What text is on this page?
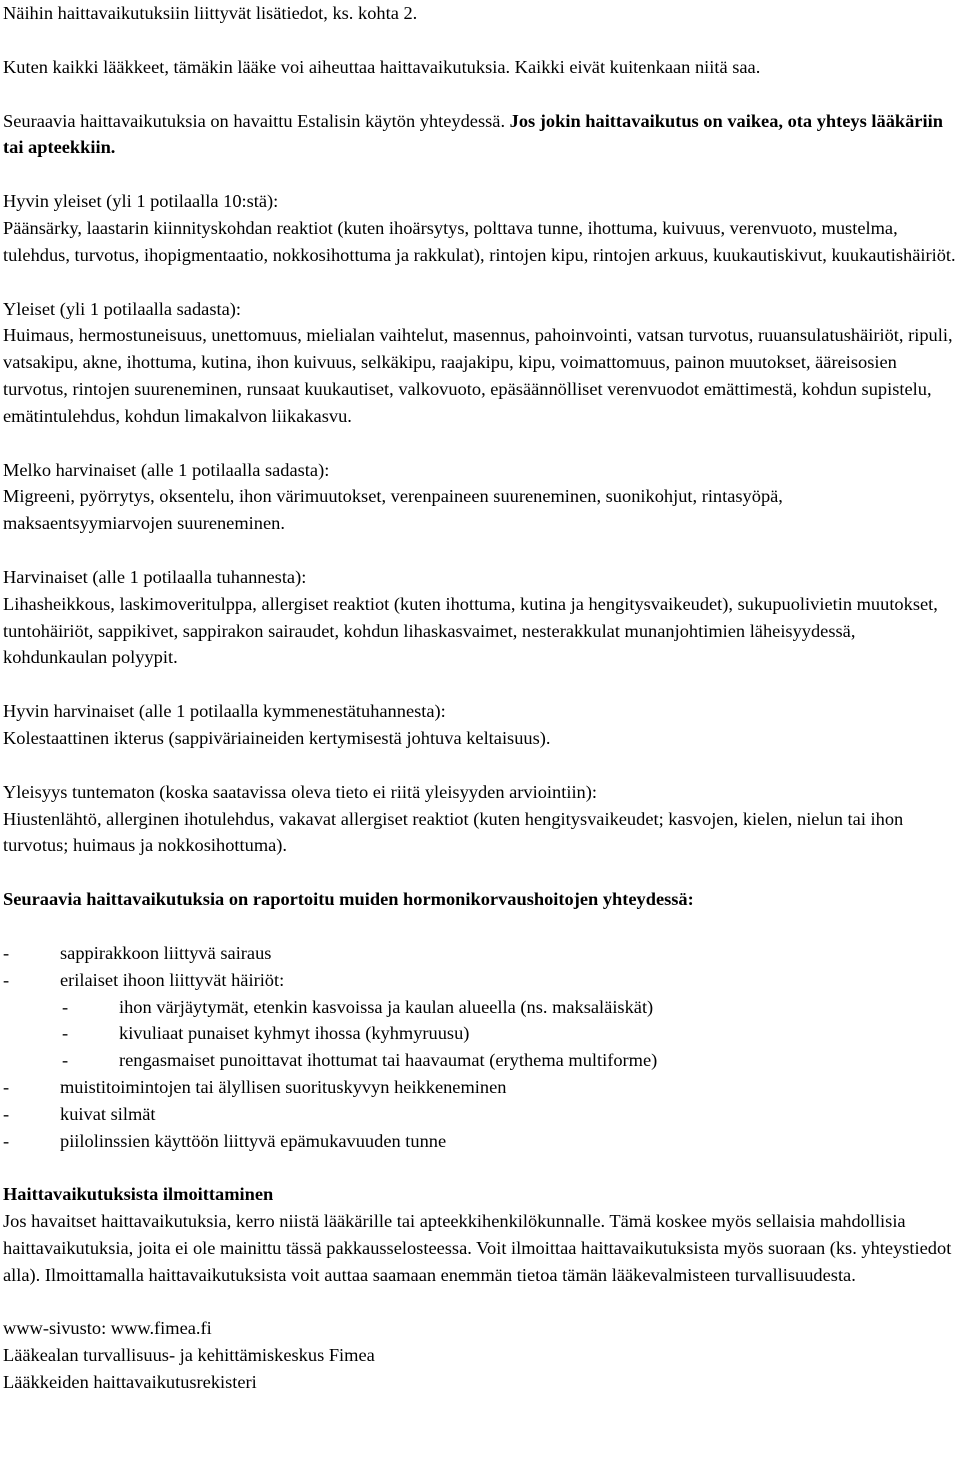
Näihin haittavaikutuksiin liittyvät lisätiedot, ks. kohta 2.

Kuten kaikki lääkkeet, tämäkin lääke voi aiheuttaa haittavaikutuksia. Kaikki eivät kuitenkaan niitä saa.

Seuraavia haittavaikutuksia on havaittu Estalisin käytön yhteydessä. Jos jokin haittavaikutus on vaikea, ota yhteys lääkäriin tai apteekkiin.

Hyvin yleiset (yli 1 potilaalla 10:stä):

Päänsärky, laastarin kiinnityskohdan reaktiot (kuten ihoärsytys, polttava tunne, ihottuma, kuivuus, verenvuoto, mustelma, tulehdus, turvotus, ihopigmentaatio, nokkosihottuma ja rakkulat), rintojen kipu, rintojen arkuus, kuukautiskivut, kuukautishäiriöt.

Yleiset (yli 1 potilaalla sadasta):

Huimaus, hermostuneisuus, unettomuus, mielialan vaihtelut, masennus, pahoinvointi, vatsan turvotus, ruuansulatushäiriöt, ripuli, vatsakipu, akne, ihottuma, kutina, ihon kuivuus, selkäkipu, raajakipu, kipu, voimattomuus, painon muutokset, ääreisosien turvotus, rintojen suureneminen, runsaat kuukautiset, valkovuoto, epäsäännölliset verenvuodot emättimestä, kohdun supistelu, emätintulehdus, kohdun limakalvon liikakasvu.

Melko harvinaiset (alle 1 potilaalla sadasta):

Migreeni, pyörrytys, oksentelu, ihon värimuutokset, verenpaineen suureneminen, suonikohjut, rintasyöpä, maksaentsyymiarvojen suureneminen.

Harvinaiset (alle 1 potilaalla tuhannesta):

Lihasheikkous, laskimoveritulppa, allergiset reaktiot (kuten ihottuma, kutina ja hengitysvaikeudet), sukupuolivietin muutokset, tuntohäiriöt, sappikivet, sappirakon sairaudet, kohdun lihaskasvaimet, nesterakkulat munanjohtimien läheisyydessä, kohdunkaulan polyypit.

Hyvin harvinaiset (alle 1 potilaalla kymmenestätuhannesta):

Kolestaattinen ikterus (sappiväriaineiden kertymisestä johtuva keltaisuus).

Yleisyys tuntematon (koska saatavissa oleva tieto ei riitä yleisyyden arviointiin):

Hiustenlähtö, allerginen ihotulehdus, vakavat allergiset reaktiot (kuten hengitysvaikeudet; kasvojen, kielen, nielun tai ihon turvotus; huimaus ja nokkosihottuma).

Seuraavia haittavaikutuksia on raportoitu muiden hormonikorvaushoitojen yhteydessä:

-	sappirakkoon liittyvä sairaus
-	erilaiset ihoon liittyvät häiriöt:
-	ihon värjäytymät, etenkin kasvoissa ja kaulan alueella (ns. maksaläiskät)
-	kivuliaat punaiset kyhmyt ihossa (kyhmyruusu)
-	rengasmaiset punoittavat ihottumat tai haavaumat (erythema multiforme)
-	muistitoimintojen tai älyllisen suorituskyvyn heikkeneminen
-	kuivat silmät
-	piilolinssien käyttöön liittyvä epämukavuuden tunne

Haittavaikutuksista ilmoittaminen

Jos havaitset haittavaikutuksia, kerro niistä lääkärille tai apteekkihenkilökunnalle. Tämä koskee myös sellaisia mahdollisia haittavaikutuksia, joita ei ole mainittu tässä pakkausselosteessa. Voit ilmoittaa haittavaikutuksista myös suoraan (ks. yhteystiedot alla). Ilmoittamalla haittavaikutuksista voit auttaa saamaan enemmän tietoa tämän lääkevalmisteen turvallisuudesta.

www-sivusto: www.fimea.fi

Lääkealan turvallisuus- ja kehittämiskeskus Fimea

Lääkkeiden haittavaikutusrekisteri
